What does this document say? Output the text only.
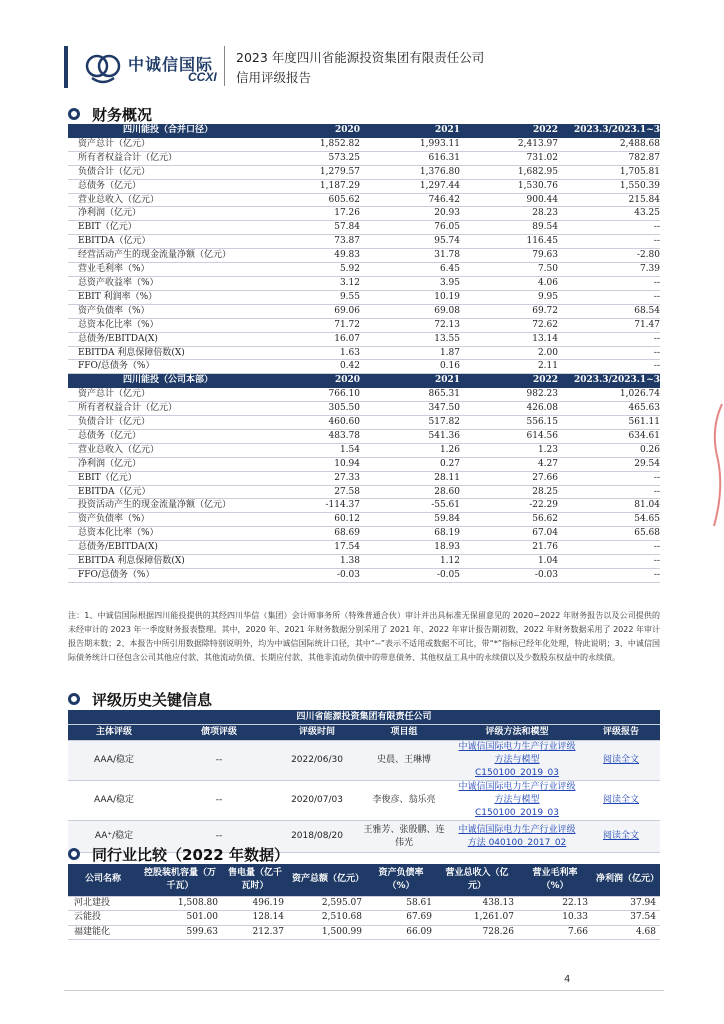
中诚信国际
CCXI
2023 年度四川省能源投资集团有限责任公司
信用评级报告
财务概况
四川能投（合并口径）	2020	2021	2022	2023.3/2023.1~3
资产总计（亿元）	1,852.82	1,993.11	2,413.97	2,488.68
所有者权益合计（亿元）	573.25	616.31	731.02	782.87
负债合计（亿元）	1,279.57	1,376.80	1,682.95	1,705.81
总债务（亿元）	1,187.29	1,297.44	1,530.76	1,550.39
营业总收入（亿元）	605.62	746.42	900.44	215.84
净利润（亿元）	17.26	20.93	28.23	43.25
EBIT（亿元）	57.84	76.05	89.54	--
EBITDA（亿元）	73.87	95.74	116.45	--
经营活动产生的现金流量净额（亿元）	49.83	31.78	79.63	-2.80
营业毛利率（%）	5.92	6.45	7.50	7.39
总资产收益率（%）	3.12	3.95	4.06	--
EBIT 利润率（%）	9.55	10.19	9.95	--
资产负债率（%）	69.06	69.08	69.72	68.54
总资本化比率（%）	71.72	72.13	72.62	71.47
总债务/EBITDA(X)	16.07	13.55	13.14	--
EBITDA 利息保障倍数(X)	1.63	1.87	2.00	--
FFO/总债务（%）	0.42	0.16	2.11	--
四川能投（公司本部）	2020	2021	2022	2023.3/2023.1~3
资产总计（亿元）	766.10	865.31	982.23	1,026.74
所有者权益合计（亿元）	305.50	347.50	426.08	465.63
负债合计（亿元）	460.60	517.82	556.15	561.11
总债务（亿元）	483.78	541.36	614.56	634.61
营业总收入（亿元）	1.54	1.26	1.23	0.26
净利润（亿元）	10.94	0.27	4.27	29.54
EBIT（亿元）	27.33	28.11	27.66	--
EBITDA（亿元）	27.58	28.60	28.25	--
投资活动产生的现金流量净额（亿元）	-114.37	-55.61	-22.29	81.04
资产负债率（%）	60.12	59.84	56.62	54.65
总资本化比率（%）	68.69	68.19	67.04	65.68
总债务/EBITDA(X)	17.54	18.93	21.76	--
EBITDA 利息保障倍数(X)	1.38	1.12	1.04	--
FFO/总债务（%）	-0.03	-0.05	-0.03	--
注：1、中诚信国际根据四川能投提供的其经四川华信（集团）会计师事务所（特殊普通合伙）审计并出具标准无保留意见的 2020~2022 年财务报告以及公司提供的未经审计的 2023 年一季度财务报表整理。其中，2020 年、2021 年财务数据分别采用了 2021 年、2022 年审计报告期初数，2022 年财务数据采用了 2022 年审计报告期末数；2、本报告中所引用数据除特别说明外，均为中诚信国际统计口径，其中“--”表示不适用或数据不可比，带“*”指标已经年化处理，特此说明；3、中诚信国际债务统计口径包含公司其他应付款、其他流动负债、长期应付款、其他非流动负债中的带息债务、其他权益工具中的永续债以及少数股东权益中的永续债。
评级历史关键信息
四川省能源投资集团有限责任公司					
主体评级	债项评级	评级时间	项目组	评级方法和模型	评级报告
AAA/稳定	--	2022/06/30	史晨、王琳博	中诚信国际电力生产行业评级方法与模型 C150100_2019_03	阅读全文
AAA/稳定	--	2020/07/03	李俊彦、翁乐亮	中诚信国际电力生产行业评级方法与模型 C150100_2019_03	阅读全文
AA⁺/稳定	--	2018/08/20	王雅芳、张殷鹏、连伟光	中诚信国际电力生产行业评级方法 040100_2017_02	阅读全文
同行业比较（2022 年数据）
公司名称	控股装机容量（万千瓦）	售电量（亿千瓦时）	资产总额（亿元）	资产负债率（%）	营业总收入（亿元）	营业毛利率（%）	净利润（亿元）
河北建投	1,508.80	496.19	2,595.07	58.61	438.13	22.13	37.94
云能投	501.00	128.14	2,510.68	67.69	1,261.07	10.33	37.54
福建能化	599.63	212.37	1,500.99	66.09	728.26	7.66	4.68
4
